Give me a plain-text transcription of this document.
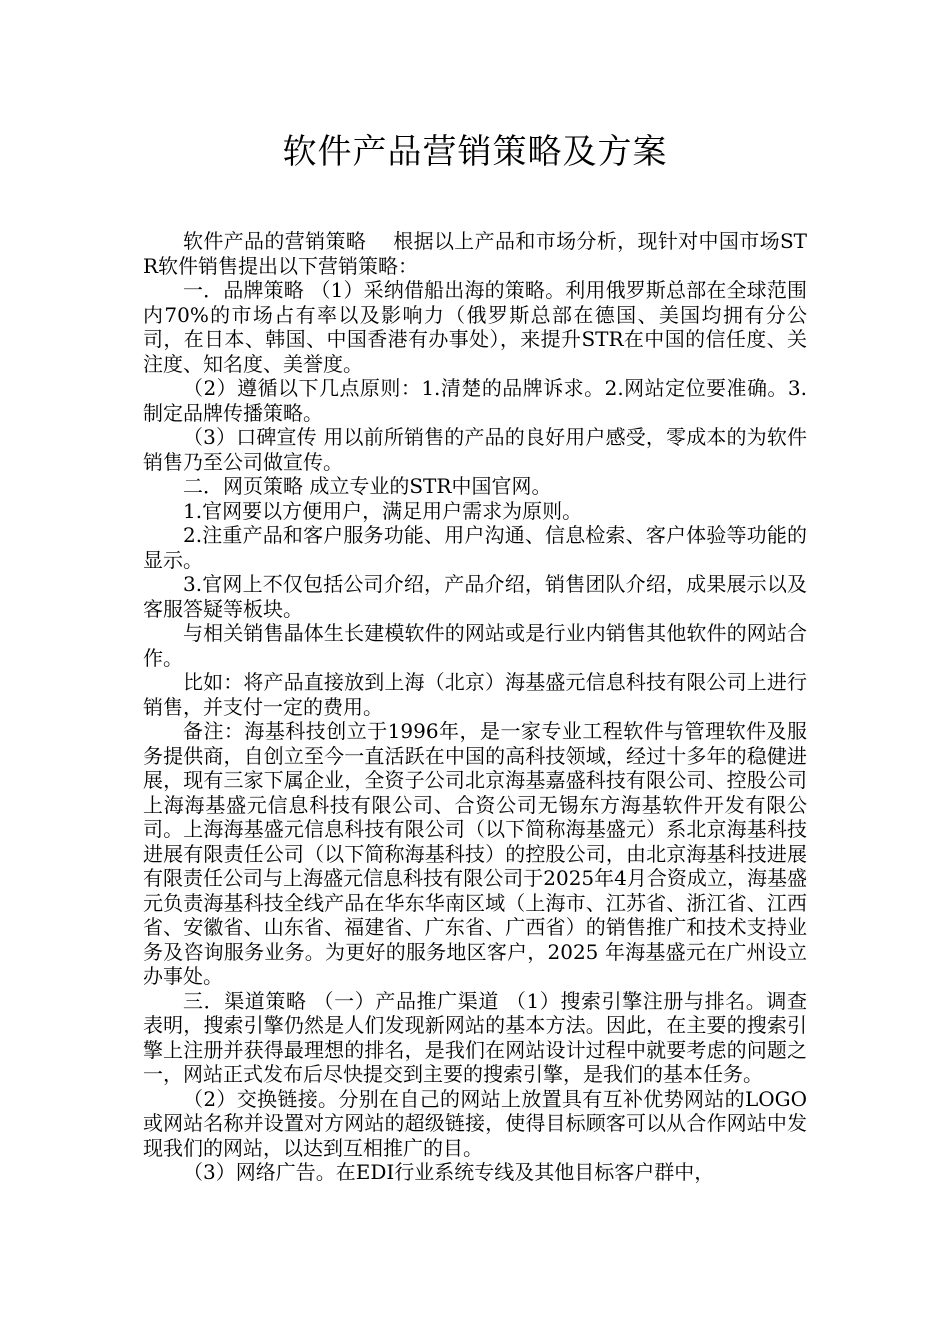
软件产品营销策略及方案

软件产品的营销策略　 根据以上产品和市场分析，现针对中国市场STR软件销售提出以下营销策略：

一．品牌策略 （1）采纳借船出海的策略。利用俄罗斯总部在全球范围内70%的市场占有率以及影响力（俄罗斯总部在德国、美国均拥有分公司，在日本、韩国、中国香港有办事处），来提升STR在中国的信任度、关注度、知名度、美誉度。

（2）遵循以下几点原则：1.清楚的品牌诉求。2.网站定位要准确。3.制定品牌传播策略。

（3）口碑宣传 用以前所销售的产品的良好用户感受，零成本的为软件销售乃至公司做宣传。

二．网页策略 成立专业的STR中国官网。

1.官网要以方便用户，满足用户需求为原则。

2.注重产品和客户服务功能、用户沟通、信息检索、客户体验等功能的显示。

3.官网上不仅包括公司介绍，产品介绍，销售团队介绍，成果展示以及客服答疑等板块。

与相关销售晶体生长建模软件的网站或是行业内销售其他软件的网站合作。

比如：将产品直接放到上海（北京）海基盛元信息科技有限公司上进行销售，并支付一定的费用。

备注：海基科技创立于1996年，是一家专业工程软件与管理软件及服务提供商，自创立至今一直活跃在中国的高科技领域，经过十多年的稳健进展，现有三家下属企业，全资子公司北京海基嘉盛科技有限公司、控股公司上海海基盛元信息科技有限公司、合资公司无锡东方海基软件开发有限公司。上海海基盛元信息科技有限公司（以下简称海基盛元）系北京海基科技进展有限责任公司（以下简称海基科技）的控股公司，由北京海基科技进展有限责任公司与上海盛元信息科技有限公司于2025年4月合资成立，海基盛元负责海基科技全线产品在华东华南区域（上海市、江苏省、浙江省、江西省、安徽省、山东省、福建省、广东省、广西省）的销售推广和技术支持业务及咨询服务业务。为更好的服务地区客户，2025 年海基盛元在广州设立办事处。

三．渠道策略 （一）产品推广渠道 （1）搜索引擎注册与排名。调查表明，搜索引擎仍然是人们发现新网站的基本方法。因此，在主要的搜索引擎上注册并获得最理想的排名，是我们在网站设计过程中就要考虑的问题之一，网站正式发布后尽快提交到主要的搜索引擎，是我们的基本任务。

（2）交换链接。分别在自己的网站上放置具有互补优势网站的LOGO或网站名称并设置对方网站的超级链接，使得目标顾客可以从合作网站中发现我们的网站，以达到互相推广的目。

（3）网络广告。在EDI行业系统专线及其他目标客户群中，
